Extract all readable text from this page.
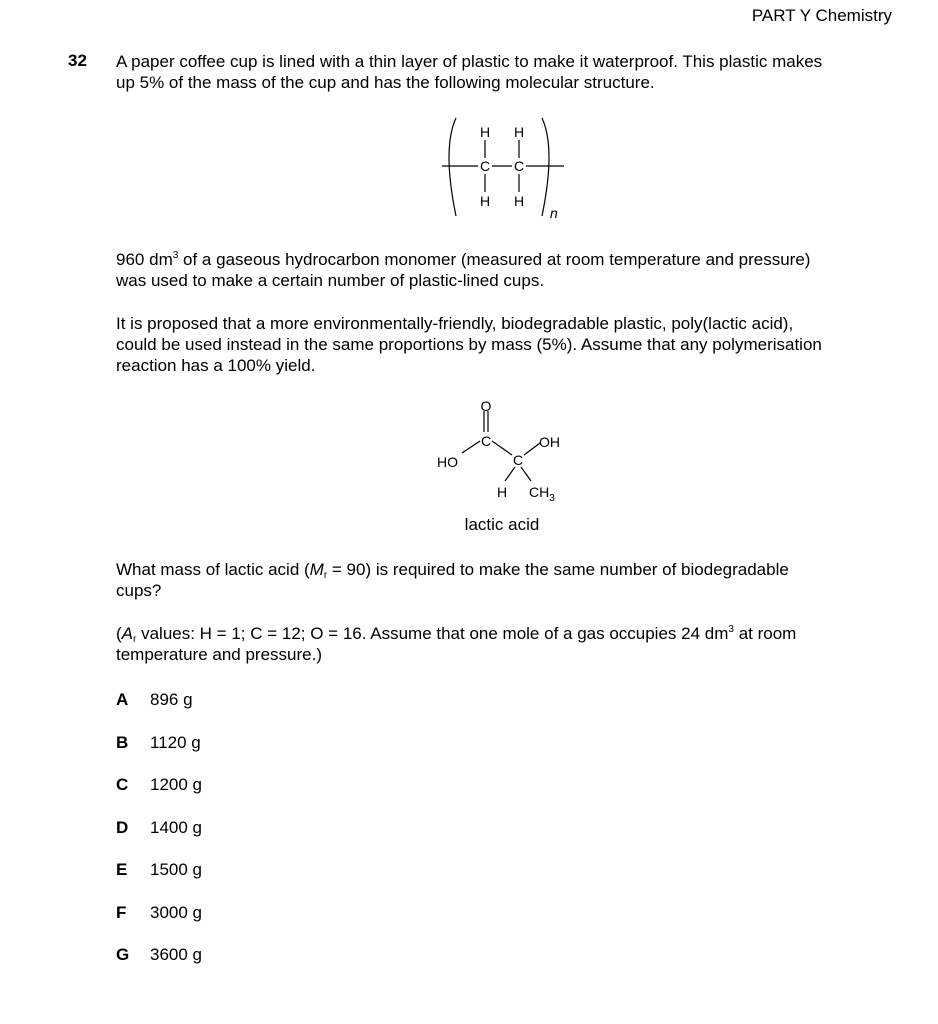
PART Y Chemistry
32 A paper coffee cup is lined with a thin layer of plastic to make it waterproof. This plastic makes
up 5% of the mass of the cup and has the following molecular structure.
H H
C C
H H
n
960 $dm^3$ of a gaseous hydrocarbon monomer (measured at room temperature and pressure)
was used to make a certain number of plastic-lined cups.
It is proposed that a more environmentally-friendly, biodegradable plastic, poly(lactic acid),
could be used instead in the same proportions by mass (5%). Assume that any polymerisation
reaction has a 100% yield.
O
C	OH
HO	C
H $CH_3$
lactic acid
What mass of lactic acid $(M_r = 90)$ is required to make the same number of biodegradable
cups?
($A_r$ values: H = 1; C = 12; O = 16. Assume that one mole of a gas occupies 24 $dm^3$ at room
temperature and pressure.)
A 896 g
B 1120 g
C 1200 g
D 1400 g
E 1500 g
F 3000 g
G 3600 g
